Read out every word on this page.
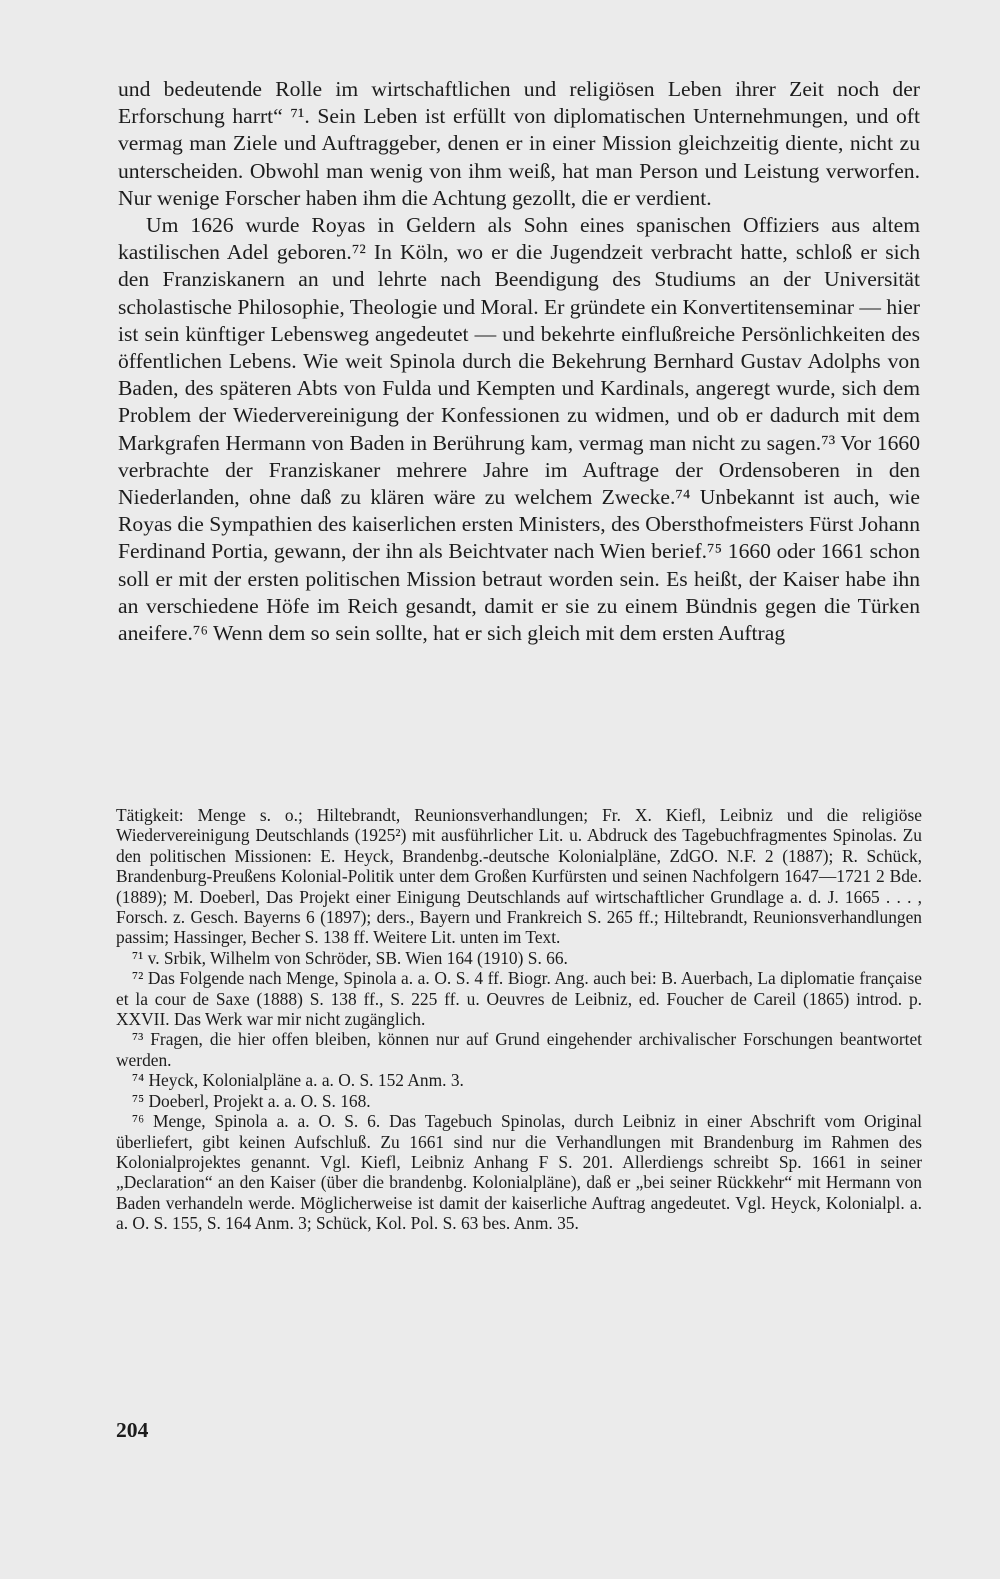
und bedeutende Rolle im wirtschaftlichen und religiösen Leben ihrer Zeit noch der Erforschung harrt“ ⁷¹. Sein Leben ist erfüllt von diplomatischen Unternehmungen, und oft vermag man Ziele und Auftraggeber, denen er in einer Mission gleichzeitig diente, nicht zu unterscheiden. Obwohl man wenig von ihm weiß, hat man Person und Leistung verworfen. Nur wenige Forscher haben ihm die Achtung gezollt, die er verdient.

Um 1626 wurde Royas in Geldern als Sohn eines spanischen Offiziers aus altem kastilischen Adel geboren.⁷² In Köln, wo er die Jugendzeit verbracht hatte, schloß er sich den Franziskanern an und lehrte nach Beendigung des Studiums an der Universität scholastische Philosophie, Theologie und Moral. Er gründete ein Konvertitenseminar — hier ist sein künftiger Lebensweg angedeutet — und bekehrte einflußreiche Persönlichkeiten des öffentlichen Lebens. Wie weit Spinola durch die Bekehrung Bernhard Gustav Adolphs von Baden, des späteren Abts von Fulda und Kempten und Kardinals, angeregt wurde, sich dem Problem der Wiedervereinigung der Konfessionen zu widmen, und ob er dadurch mit dem Markgrafen Hermann von Baden in Berührung kam, vermag man nicht zu sagen.⁷³ Vor 1660 verbrachte der Franziskaner mehrere Jahre im Auftrage der Ordensoberen in den Niederlanden, ohne daß zu klären wäre zu welchem Zwecke.⁷⁴ Unbekannt ist auch, wie Royas die Sympathien des kaiserlichen ersten Ministers, des Obersthofmeisters Fürst Johann Ferdinand Portia, gewann, der ihn als Beichtvater nach Wien berief.⁷⁵ 1660 oder 1661 schon soll er mit der ersten politischen Mission betraut worden sein. Es heißt, der Kaiser habe ihn an verschiedene Höfe im Reich gesandt, damit er sie zu einem Bündnis gegen die Türken aneifere.⁷⁶ Wenn dem so sein sollte, hat er sich gleich mit dem ersten Auftrag

Tätigkeit: Menge s. o.; Hiltebrandt, Reunionsverhandlungen; Fr. X. Kiefl, Leibniz und die religiöse Wiedervereinigung Deutschlands (1925²) mit ausführlicher Lit. u. Abdruck des Tagebuchfragmentes Spinolas. Zu den politischen Missionen: E. Heyck, Brandenbg.-deutsche Kolonialpläne, ZdGO. N.F. 2 (1887); R. Schück, Brandenburg-Preußens Kolonial-Politik unter dem Großen Kurfürsten und seinen Nachfolgern 1647—1721 2 Bde. (1889); M. Doeberl, Das Projekt einer Einigung Deutschlands auf wirtschaftlicher Grundlage a. d. J. 1665 . . . , Forsch. z. Gesch. Bayerns 6 (1897); ders., Bayern und Frankreich S. 265 ff.; Hiltebrandt, Reunionsverhandlungen passim; Hassinger, Becher S. 138 ff. Weitere Lit. unten im Text.

⁷¹ v. Srbik, Wilhelm von Schröder, SB. Wien 164 (1910) S. 66.

⁷² Das Folgende nach Menge, Spinola a. a. O. S. 4 ff. Biogr. Ang. auch bei: B. Auerbach, La diplomatie française et la cour de Saxe (1888) S. 138 ff., S. 225 ff. u. Oeuvres de Leibniz, ed. Foucher de Careil (1865) introd. p. XXVII. Das Werk war mir nicht zugänglich.

⁷³ Fragen, die hier offen bleiben, können nur auf Grund eingehender archivalischer Forschungen beantwortet werden.

⁷⁴ Heyck, Kolonialpläne a. a. O. S. 152 Anm. 3.

⁷⁵ Doeberl, Projekt a. a. O. S. 168.

⁷⁶ Menge, Spinola a. a. O. S. 6. Das Tagebuch Spinolas, durch Leibniz in einer Abschrift vom Original überliefert, gibt keinen Aufschluß. Zu 1661 sind nur die Verhandlungen mit Brandenburg im Rahmen des Kolonialprojektes genannt. Vgl. Kiefl, Leibniz Anhang F S. 201. Allerdiengs schreibt Sp. 1661 in seiner „Declaration“ an den Kaiser (über die brandenbg. Kolonialpläne), daß er „bei seiner Rückkehr“ mit Hermann von Baden verhandeln werde. Möglicherweise ist damit der kaiserliche Auftrag angedeutet. Vgl. Heyck, Kolonialpl. a. a. O. S. 155, S. 164 Anm. 3; Schück, Kol. Pol. S. 63 bes. Anm. 35.

204
